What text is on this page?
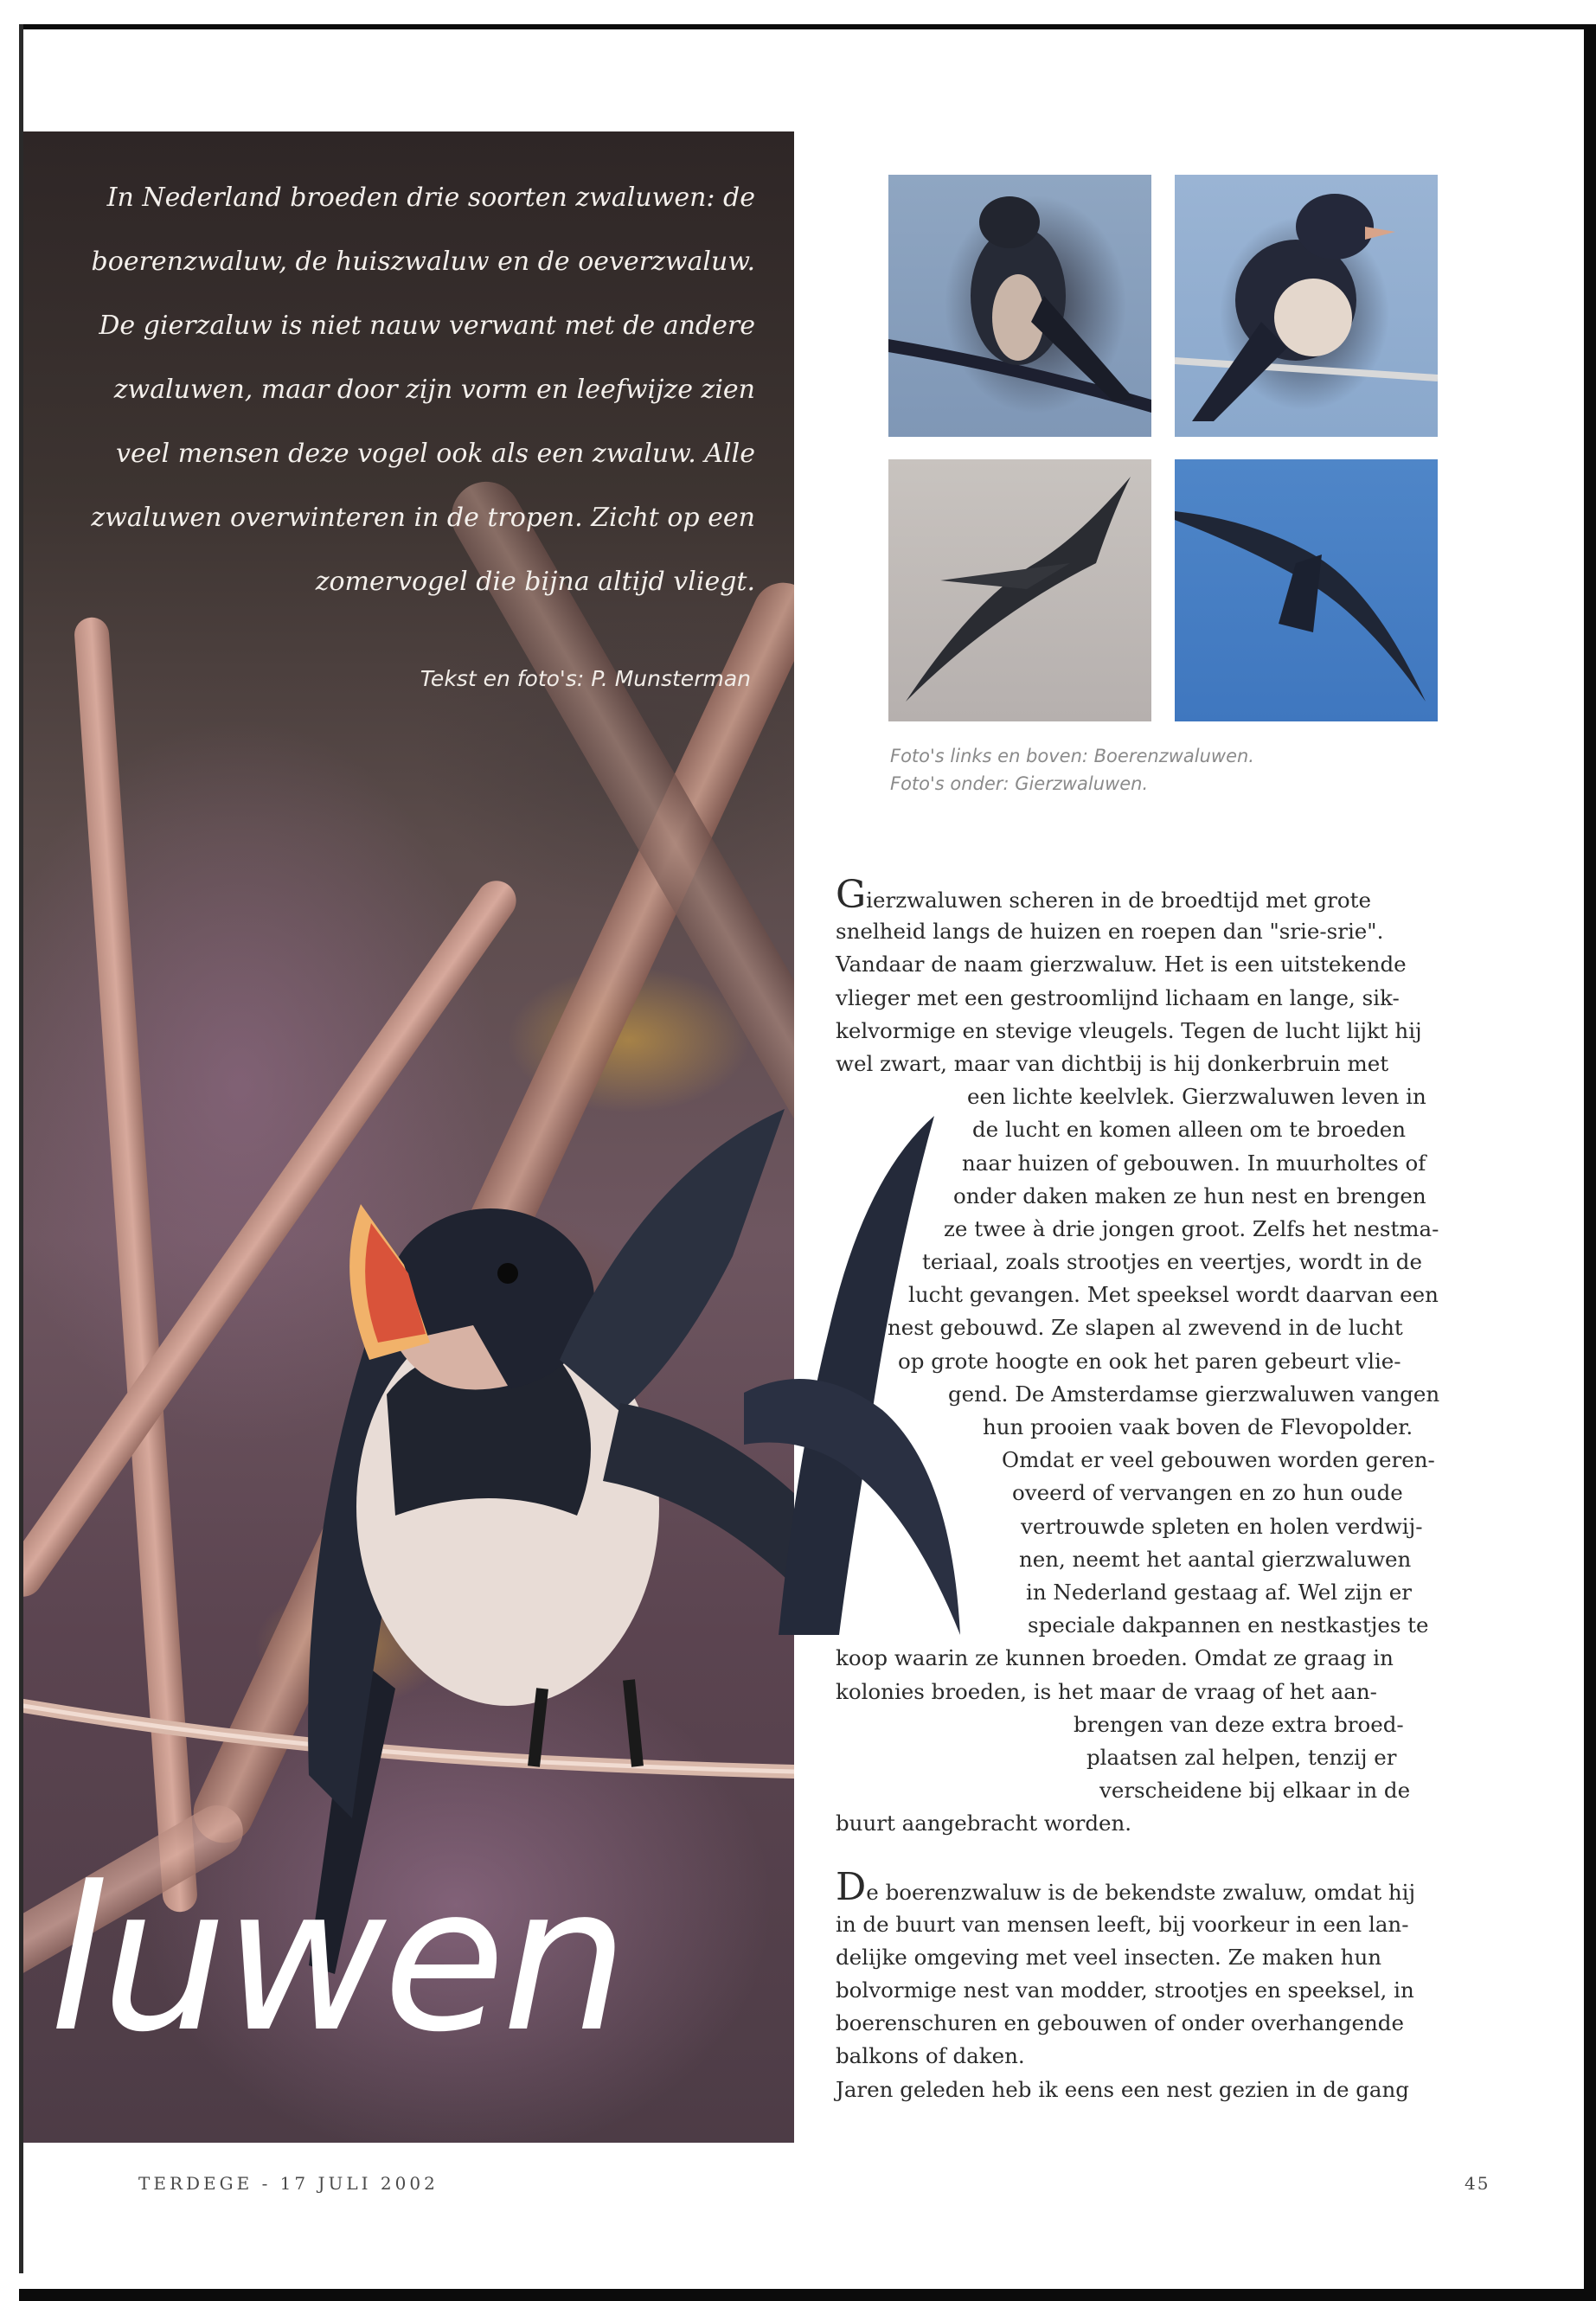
In Nederland broeden drie soorten zwaluwen: de
boerenzwaluw, de huiszwaluw en de oeverzwaluw.
De gierzaluw is niet nauw verwant met de andere
zwaluwen, maar door zijn vorm en leefwijze zien
veel mensen deze vogel ook als een zwaluw. Alle
zwaluwen overwinteren in de tropen. Zicht op een
zomervogel die bijna altijd vliegt.
Tekst en foto's: P. Munsterman
luwen

Foto's links en boven: Boerenzwaluwen.

Foto's onder: Gierzwaluwen.

Gierzwaluwen scheren in de broedtijd met grote
snelheid langs de huizen en roepen dan "srie-srie".
Vandaar de naam gierzwaluw. Het is een uitstekende
vlieger met een gestroomlijnd lichaam en lange, sik-
kelvormige en stevige vleugels. Tegen de lucht lijkt hij
wel zwart, maar van dichtbij is hij donkerbruin met
een lichte keelvlek. Gierzwaluwen leven in
de lucht en komen alleen om te broeden
naar huizen of gebouwen. In muurholtes of
onder daken maken ze hun nest en brengen
ze twee à drie jongen groot. Zelfs het nestma-
teriaal, zoals strootjes en veertjes, wordt in de
lucht gevangen. Met speeksel wordt daarvan een
nest gebouwd. Ze slapen al zwevend in de lucht
op grote hoogte en ook het paren gebeurt vlie-
gend. De Amsterdamse gierzwaluwen vangen
hun prooien vaak boven de Flevopolder.
Omdat er veel gebouwen worden geren-
oveerd of vervangen en zo hun oude
vertrouwde spleten en holen verdwij-
nen, neemt het aantal gierzwaluwen
in Nederland gestaag af. Wel zijn er
speciale dakpannen en nestkastjes te
koop waarin ze kunnen broeden. Omdat ze graag in
kolonies broeden, is het maar de vraag of het aan-
brengen van deze extra broed-
plaatsen zal helpen, tenzij er
verscheidene bij elkaar in de
buurt aangebracht worden.
De boerenzwaluw is de bekendste zwaluw, omdat hij
in de buurt van mensen leeft, bij voorkeur in een lan-
delijke omgeving met veel insecten. Ze maken hun
bolvormige nest van modder, strootjes en speeksel, in
boerenschuren en gebouwen of onder overhangende
balkons of daken.
Jaren geleden heb ik eens een nest gezien in de gang
TERDEGE - 17 JULI 2002	45
